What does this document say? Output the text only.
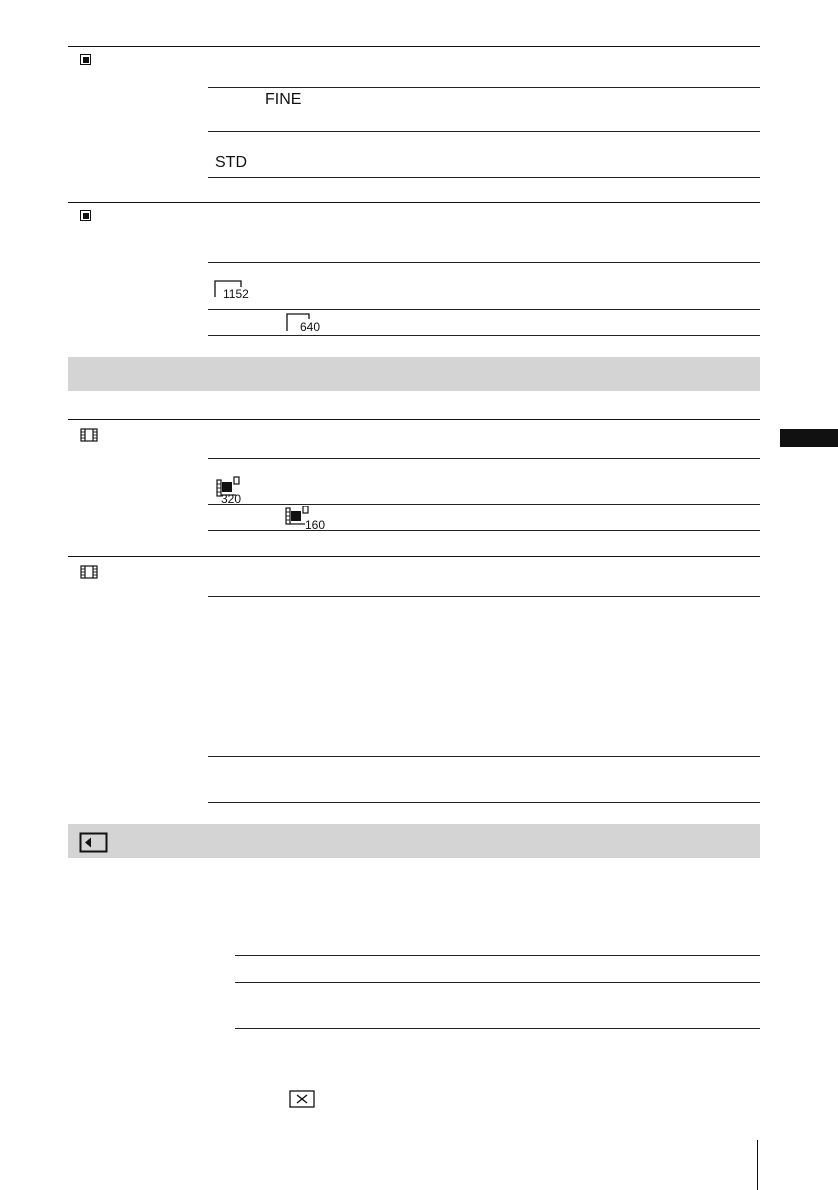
FINE
STD
1152
640
320
160
